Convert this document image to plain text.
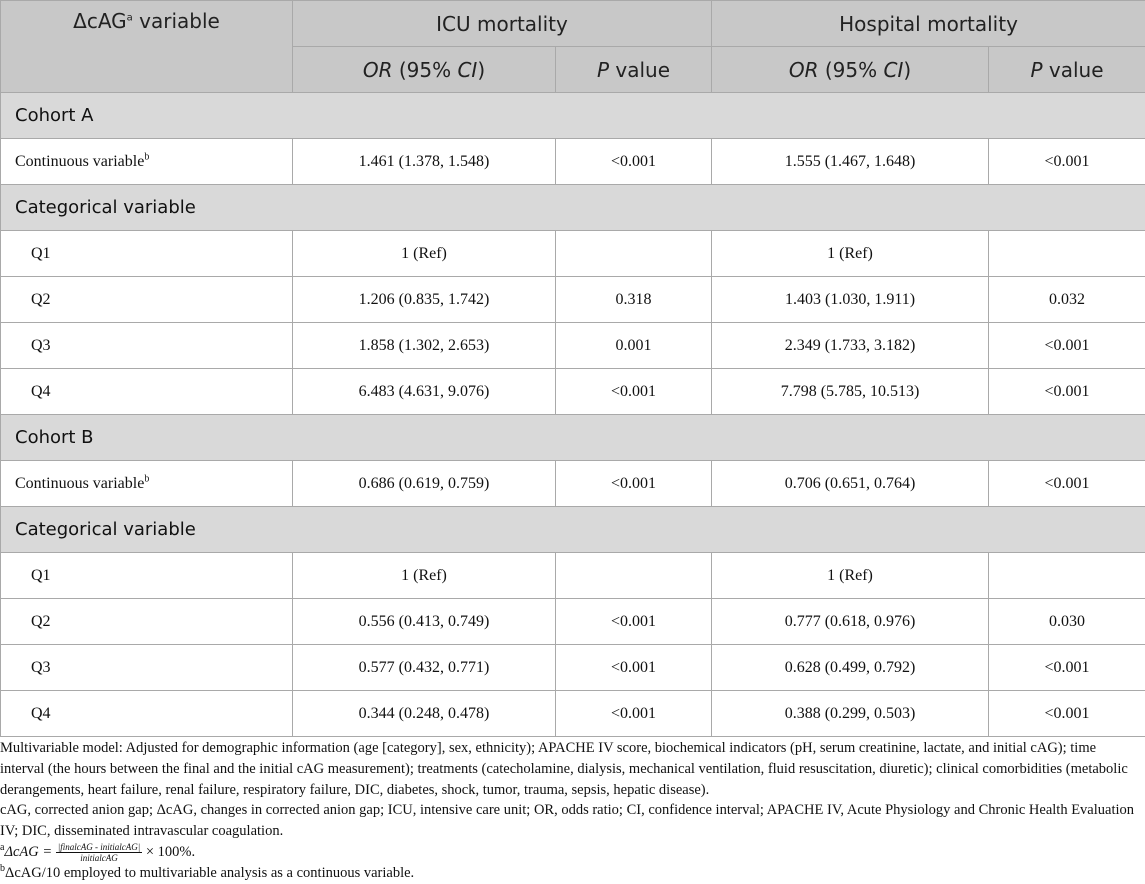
ΔcAG$^a$ variable	ICU mortality		Hospital mortality	
	OR (95% CI)	P value	OR (95% CI)	P value
Cohort A				
Continuous variable$^b$	1.461 (1.378, 1.548)	<0.001	1.555 (1.467, 1.648)	<0.001
Categorical variable				
Q1	1 (Ref)		1 (Ref)	
Q2	1.206 (0.835, 1.742)	0.318	1.403 (1.030, 1.911)	0.032
Q3	1.858 (1.302, 2.653)	0.001	2.349 (1.733, 3.182)	<0.001
Q4	6.483 (4.631, 9.076)	<0.001	7.798 (5.785, 10.513)	<0.001
Cohort B				
Continuous variable$^b$	0.686 (0.619, 0.759)	<0.001	0.706 (0.651, 0.764)	<0.001
Categorical variable				
Q1	1 (Ref)		1 (Ref)	
Q2	0.556 (0.413, 0.749)	<0.001	0.777 (0.618, 0.976)	0.030
Q3	0.577 (0.432, 0.771)	<0.001	0.628 (0.499, 0.792)	<0.001
Q4	0.344 (0.248, 0.478)	<0.001	0.388 (0.299, 0.503)	<0.001

Multivariable model: Adjusted for demographic information (age [category], sex, ethnicity); APACHE IV score, biochemical indicators (pH, serum creatinine, lactate, and initial cAG); time interval (the hours between the final and the initial cAG measurement); treatments (catecholamine, dialysis, mechanical ventilation, fluid resuscitation, diuretic); clinical comorbidities (metabolic derangements, heart failure, renal failure, respiratory failure, DIC, diabetes, shock, tumor, trauma, sepsis, hepatic disease).

cAG, corrected anion gap; ΔcAG, changes in corrected anion gap; ICU, intensive care unit; OR, odds ratio; CI, confidence interval; APACHE IV, Acute Physiology and Chronic Health Evaluation IV; DIC, disseminated intravascular coagulation.

$^a\Delta cAG = \frac{\text{|finalcAG - initialcAG|}}{\text{initialcAG}} \times 100\%$.

$^b$ΔcAG/10 employed to multivariable analysis as a continuous variable.
